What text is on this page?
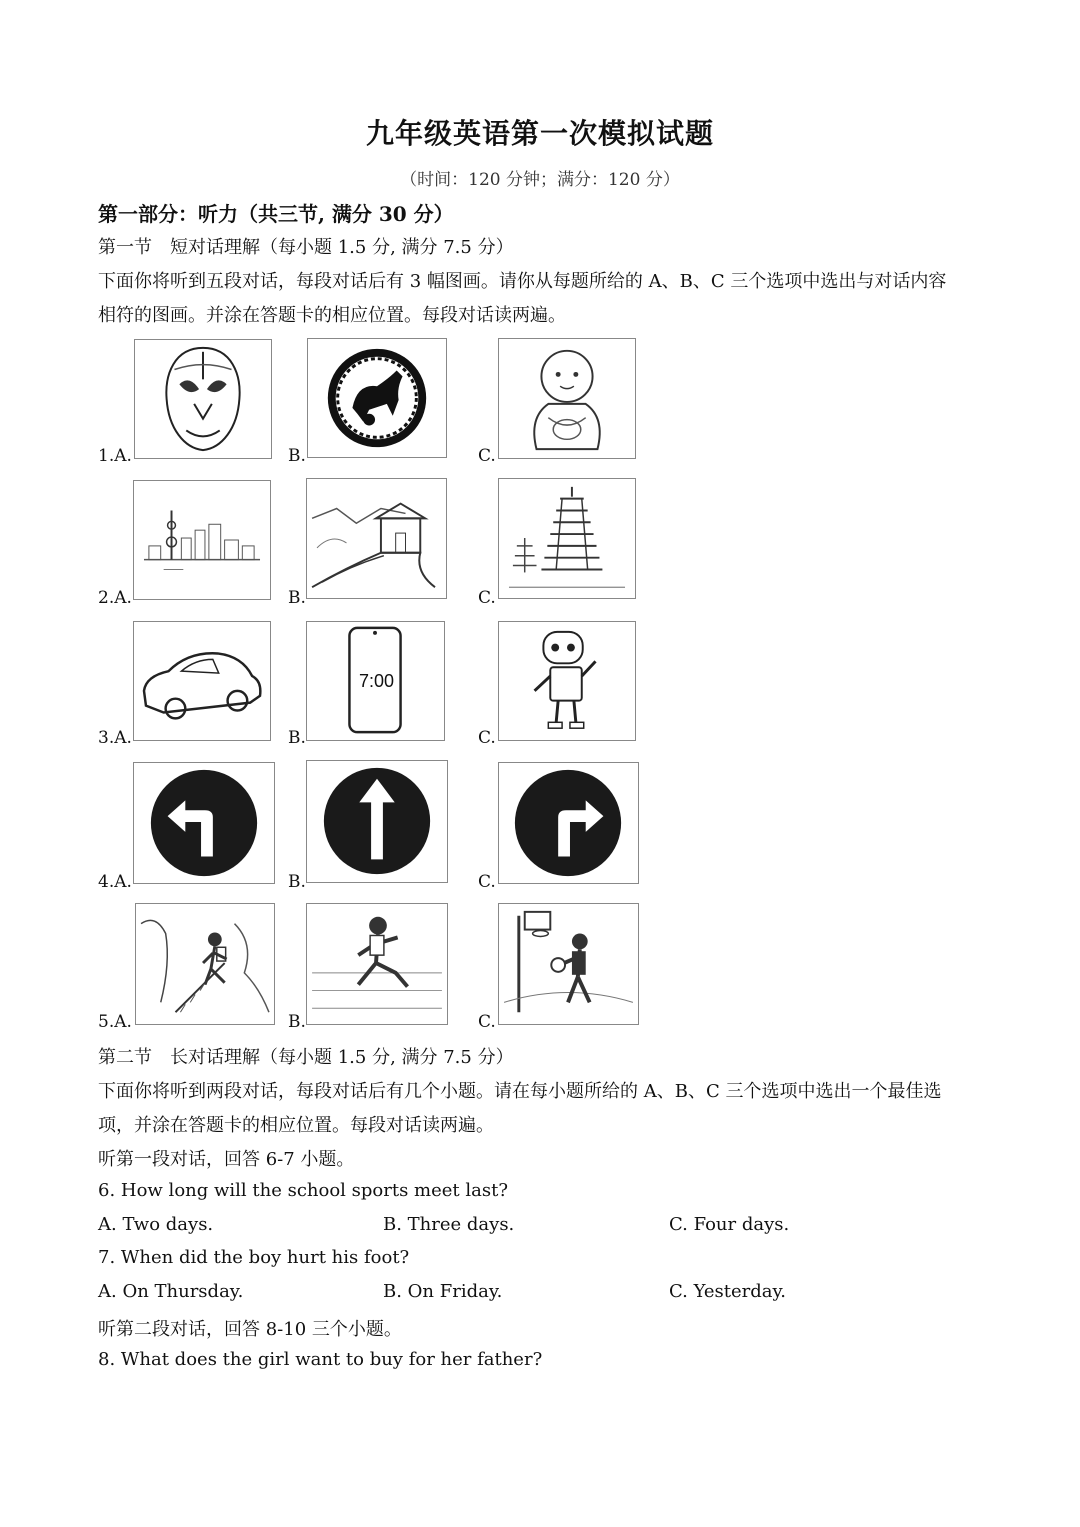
九年级英语第一次模拟试题
（时间：120 分钟；满分：120 分）
第一部分：听力（共三节, 满分 30 分）
第一节　短对话理解（每小题 1.5 分, 满分 7.5 分）
下面你将听到五段对话，每段对话后有 3 幅图画。请你从每题所给的 A、B、C 三个选项中选出与对话内容
相符的图画。并涂在答题卡的相应位置。每段对话读两遍。
1.A.	B.	C.
2.A.	B.	C.
3.A.	B.	C.
7:00
4.A.	B.	C.
5.A.	B.	C.
第二节　长对话理解（每小题 1.5 分, 满分 7.5 分）
下面你将听到两段对话，每段对话后有几个小题。请在每小题所给的 A、B、C 三个选项中选出一个最佳选
项，并涂在答题卡的相应位置。每段对话读两遍。
听第一段对话，回答 6-7 小题。
6. How long will the school sports meet last?
A. Two days.	B. Three days.	C. Four days.
7. When did the boy hurt his foot?
A. On Thursday.	B. On Friday.	C. Yesterday.
听第二段对话，回答 8-10 三个小题。
8. What does the girl want to buy for her father?
